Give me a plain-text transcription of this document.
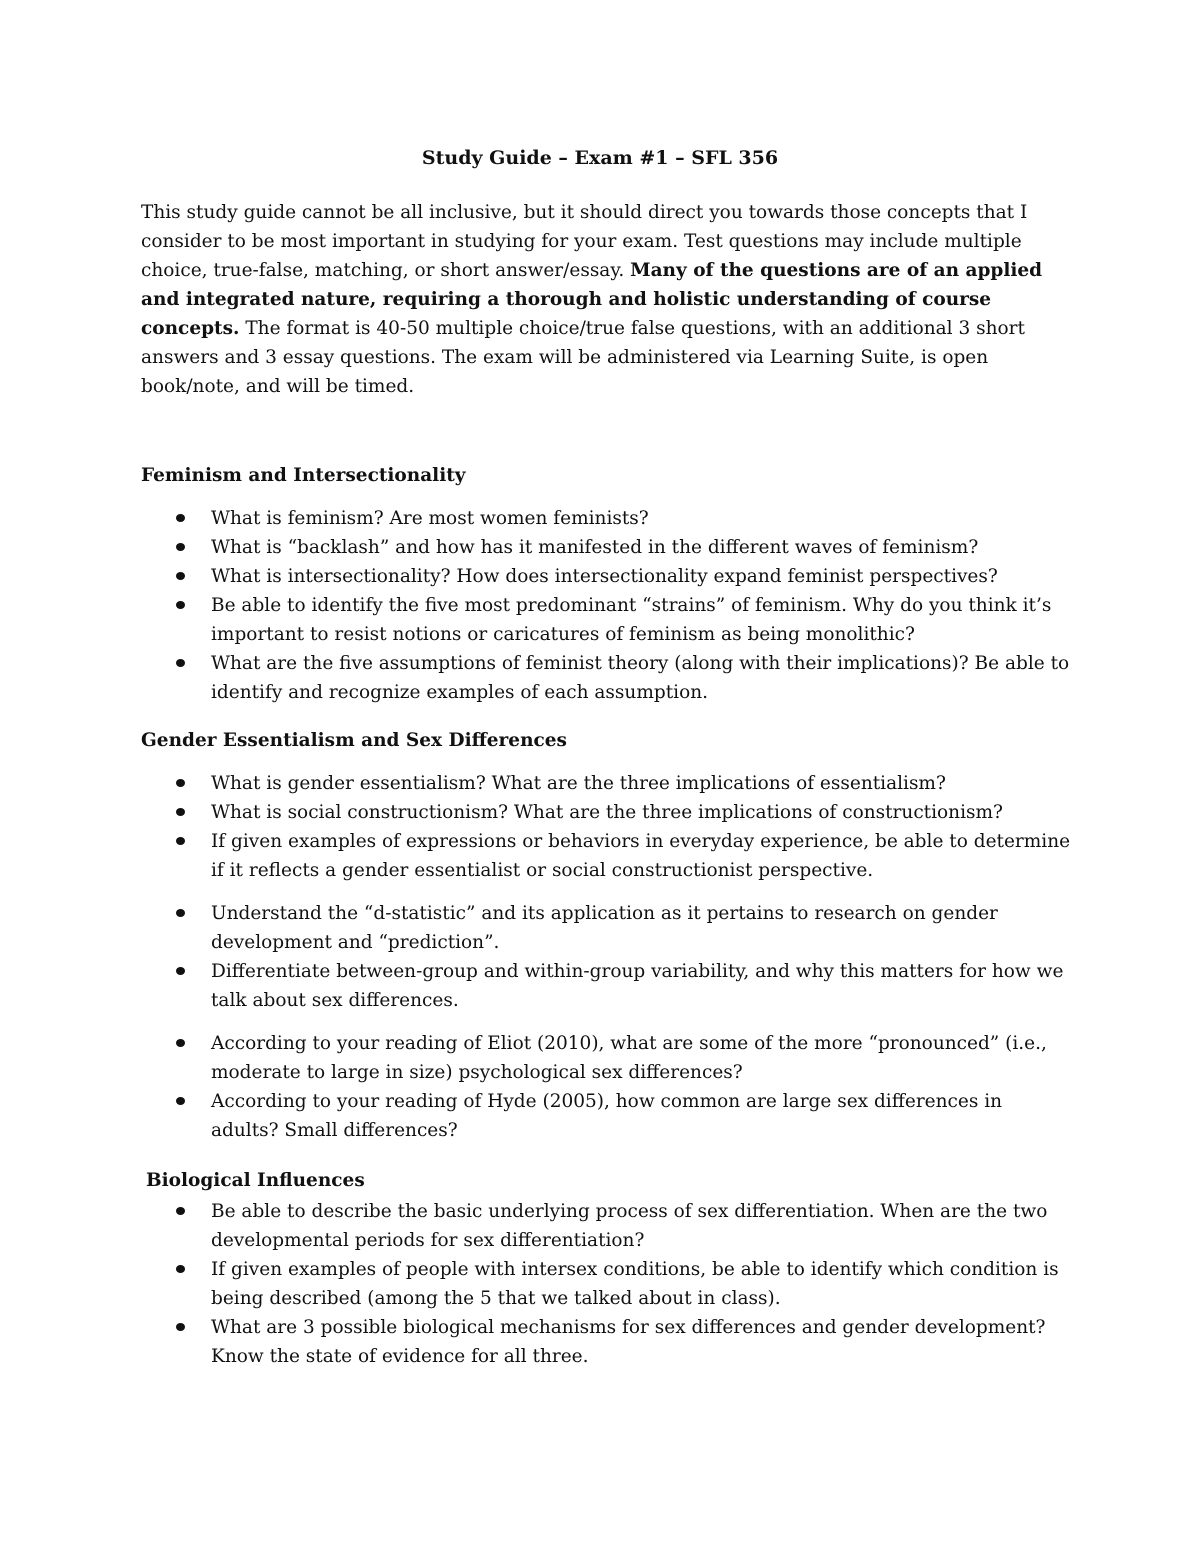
Study Guide – Exam #1 – SFL 356

This study guide cannot be all inclusive, but it should direct you towards those concepts that I consider to be most important in studying for your exam. Test questions may include multiple choice, true-false, matching, or short answer/essay. Many of the questions are of an applied and integrated nature, requiring a thorough and holistic understanding of course concepts. The format is 40-50 multiple choice/true false questions, with an additional 3 short answers and 3 essay questions. The exam will be administered via Learning Suite, is open book/note, and will be timed.

Feminism and Intersectionality
What is feminism? Are most women feminists?
What is “backlash” and how has it manifested in the different waves of feminism?
What is intersectionality? How does intersectionality expand feminist perspectives?
Be able to identify the five most predominant “strains” of feminism. Why do you think it’s important to resist notions or caricatures of feminism as being monolithic?
What are the five assumptions of feminist theory (along with their implications)? Be able to identify and recognize examples of each assumption.
Gender Essentialism and Sex Differences
What is gender essentialism? What are the three implications of essentialism?
What is social constructionism? What are the three implications of constructionism?
If given examples of expressions or behaviors in everyday experience, be able to determine if it reflects a gender essentialist or social constructionist perspective.
Understand the “d-statistic” and its application as it pertains to research on gender development and “prediction”.
Differentiate between-group and within-group variability, and why this matters for how we talk about sex differences.
According to your reading of Eliot (2010), what are some of the more “pronounced” (i.e., moderate to large in size) psychological sex differences?
According to your reading of Hyde (2005), how common are large sex differences in adults? Small differences?
Biological Influences
Be able to describe the basic underlying process of sex differentiation. When are the two developmental periods for sex differentiation?
If given examples of people with intersex conditions, be able to identify which condition is being described (among the 5 that we talked about in class).
What are 3 possible biological mechanisms for sex differences and gender development? Know the state of evidence for all three.
